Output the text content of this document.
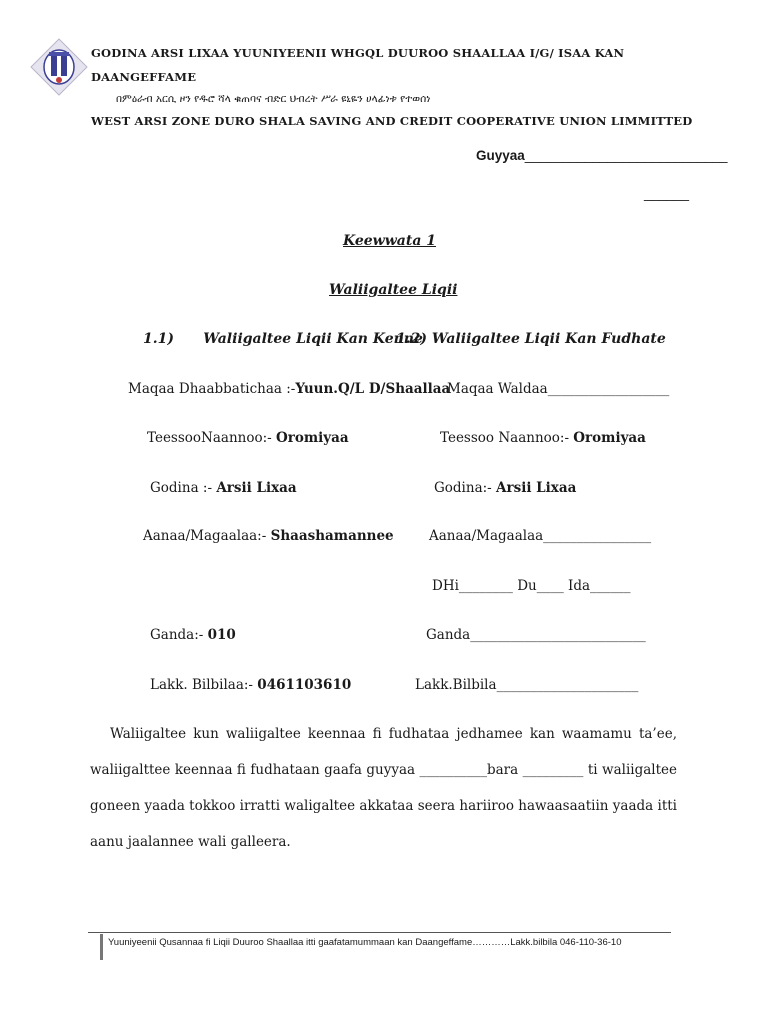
GODINA ARSI LIXAA YUUNIYEENII WHGQL DUUROO SHAALLAA I/G/ ISAA KAN
DAANGEFFAME
በምዕራብ አርሲ ዞን የዱሮ ሻላ ቁጠባና ብድር ህብረት ሥራ ዩኒዬን ሀላፊነቱ የተወሰነ
WEST ARSI ZONE DURO SHALA SAVING AND CREDIT COOPERATIVE UNION LIMMITTED
Guyyaa___________________________
______
Keewwata 1
Waliigaltee Liqii
1.1)      Waliigaltee Liqii Kan Kenne
1.2) Waliigaltee Liqii Kan Fudhate
Maqaa Dhaabbatichaa :-Yuun.Q/L D/Shaallaa
TeessooNaannoo:- Oromiyaa
Godina :- Arsii Lixaa
Aanaa/Magaalaa:- Shaashamannee
Ganda:- 010
Lakk. Bilbilaa:- 0461103610
Maqaa Waldaa__________________
Teessoo Naannoo:- Oromiyaa
Godina:- Arsii Lixaa
Aanaa/Magaalaa________________
DHi________ Du____ Ida______
Ganda__________________________
Lakk.Bilbila_____________________
Waliigaltee kun waliigaltee keennaa fi fudhataa jedhamee kan waamamu ta’ee, waliigalttee keennaa fi fudhataan gaafa guyyaa __________bara _________ ti waliigaltee goneen yaada tokkoo irratti waligaltee akkataa seera hariiroo hawaasaatiin yaada itti aanu jaalannee wali galleera.
Yuuniyeenii Qusannaa fi Liqii Duuroo Shaallaa itti gaafatamummaan kan Daangeffame…………Lakk.bilbila 046-110-36-10
